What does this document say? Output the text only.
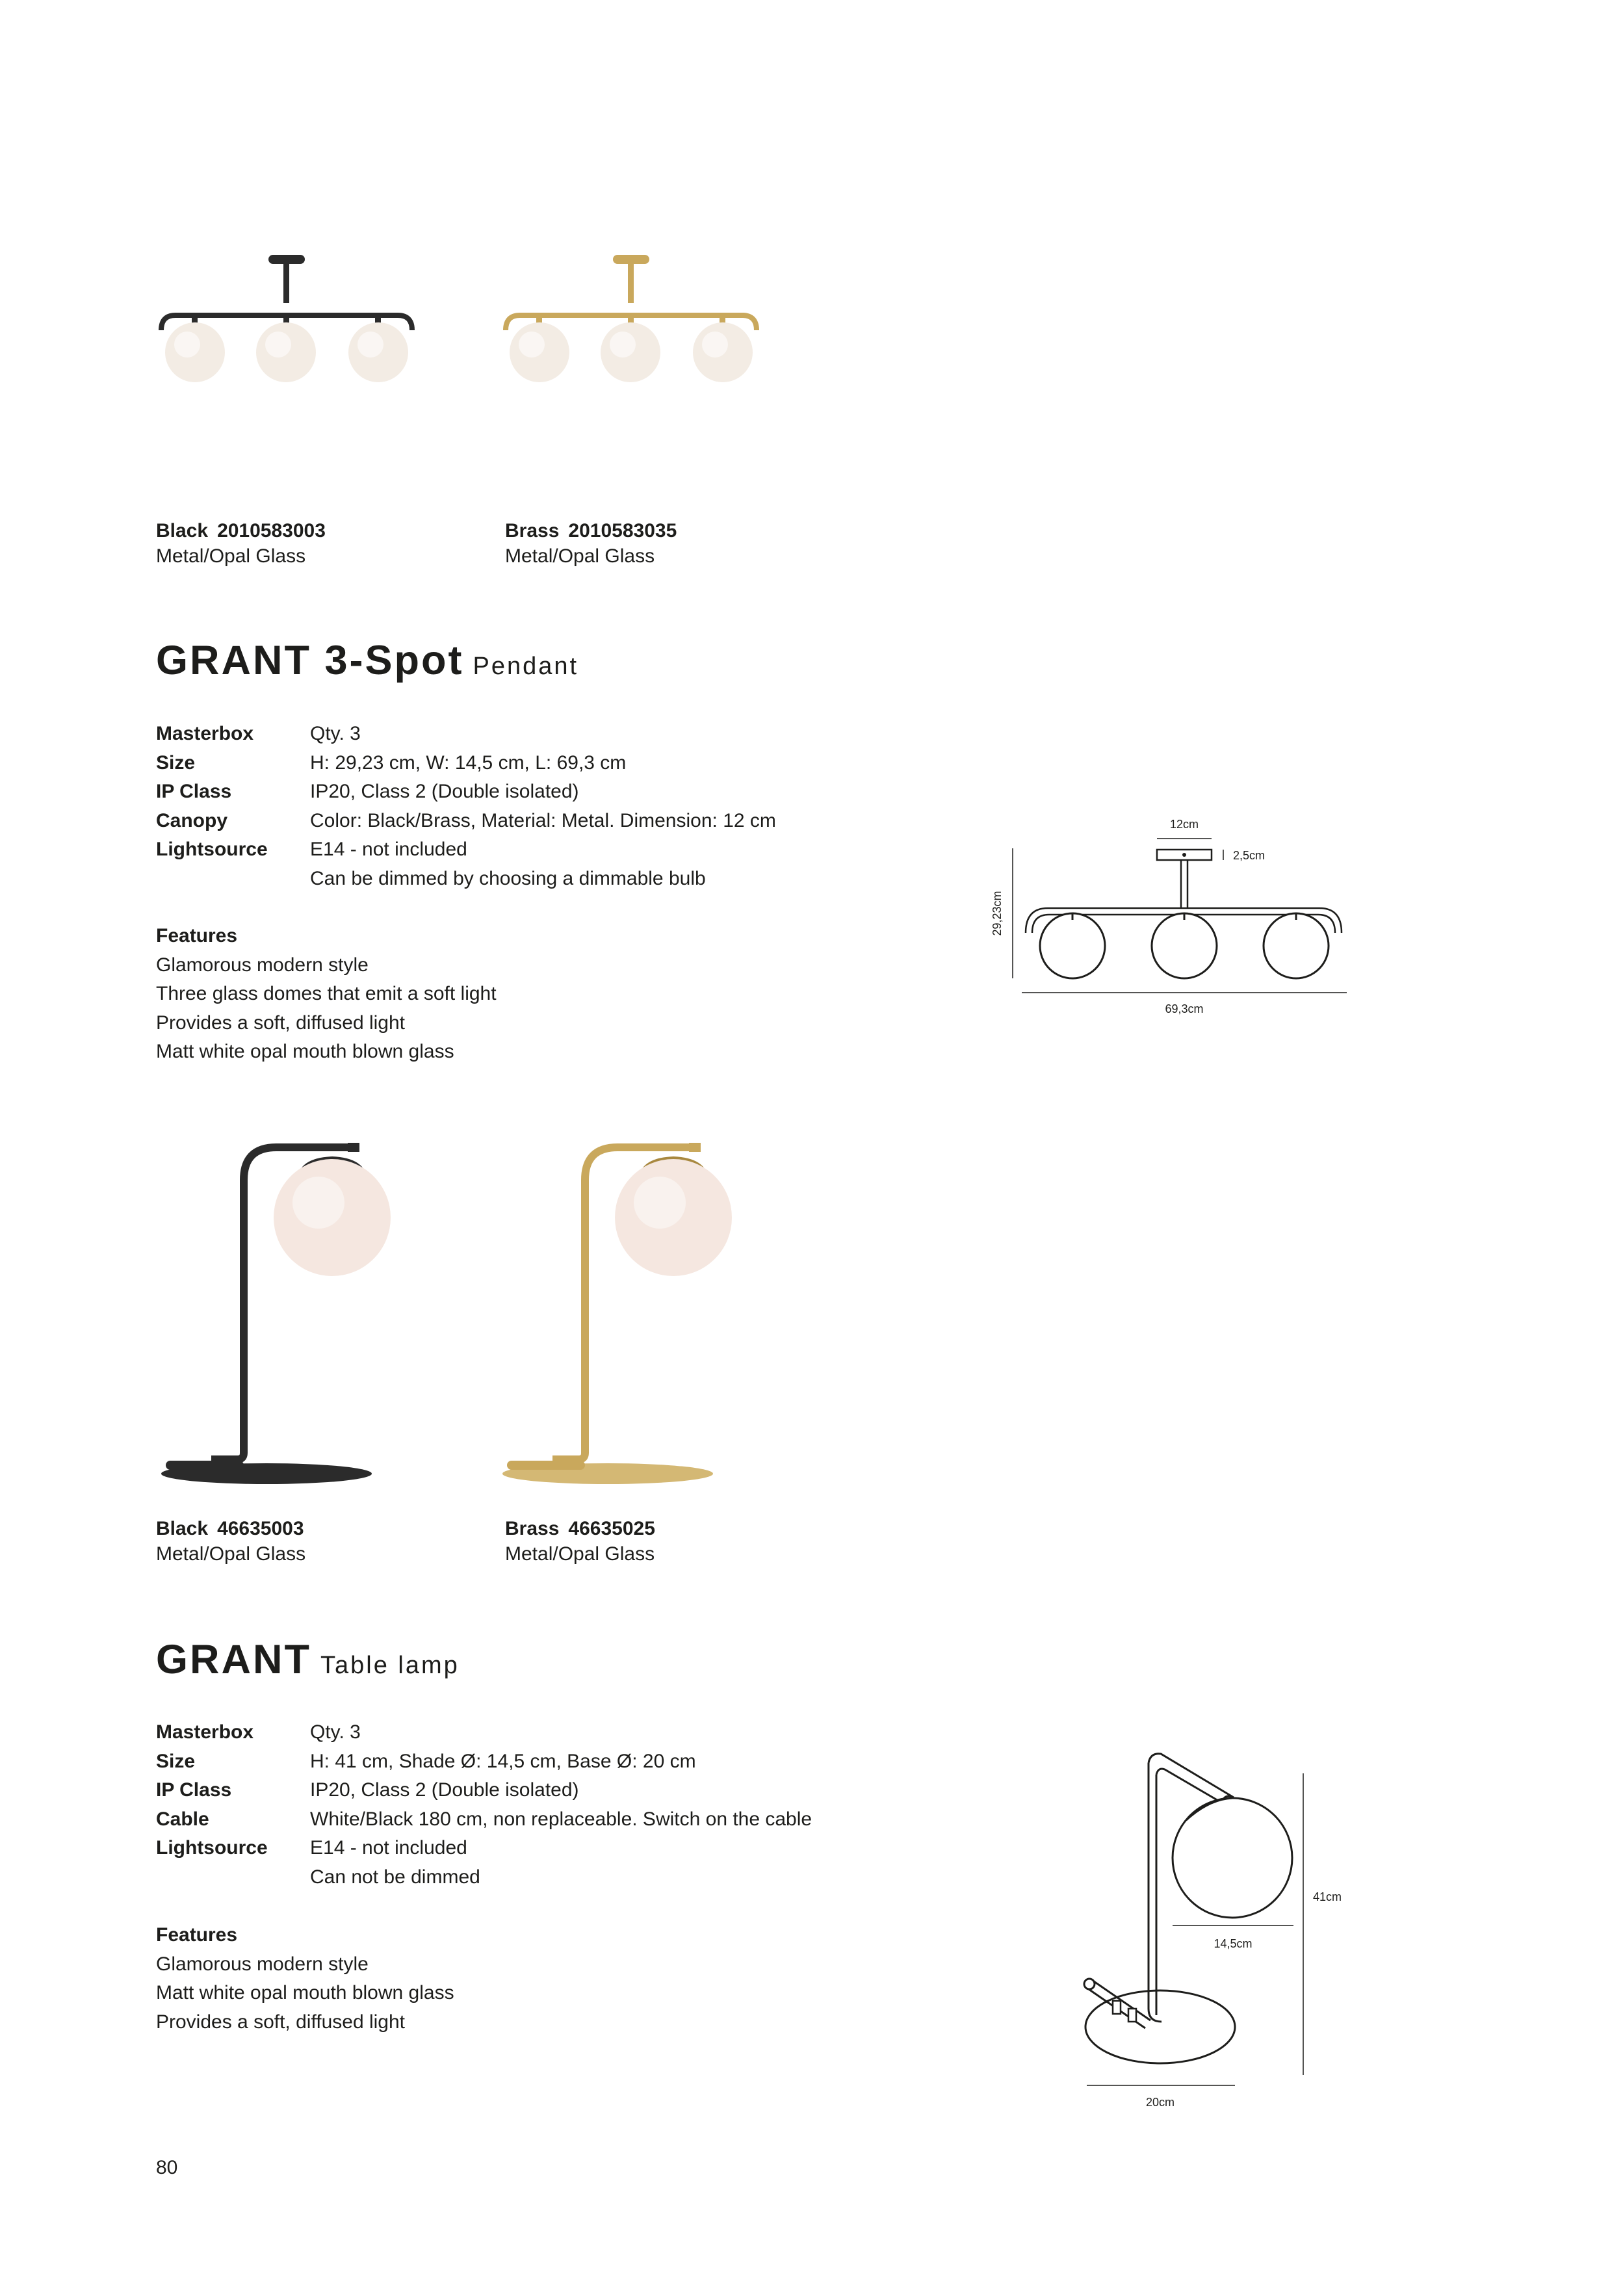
Black 2010583003
Metal/Opal Glass
Brass 2010583035
Metal/Opal Glass
GRANT 3-Spot Pendant
Masterbox	Qty. 3
Size	H: 29,23 cm, W: 14,5 cm, L: 69,3 cm
IP Class	IP20, Class 2 (Double isolated)
Canopy	Color: Black/Brass, Material: Metal. Dimension: 12 cm
Lightsource E14 - not included
Can be dimmed by choosing a dimmable bulb
Features
Glamorous modern style
Three glass domes that emit a soft light
Provides a soft, diffused light
Matt white opal mouth blown glass
12cm
2,5cm
29,23cm
69,3cm
Black 46635003
Metal/Opal Glass
Brass 46635025
Metal/Opal Glass
GRANT Table lamp
Masterbox	Qty. 3
Size	H: 41 cm, Shade Ø: 14,5 cm, Base Ø: 20 cm
IP Class	IP20, Class 2 (Double isolated)
Cable	White/Black 180 cm, non replaceable. Switch on the cable
Lightsource E14 - not included
Can not be dimmed
Features
Glamorous modern style
Matt white opal mouth blown glass
Provides a soft, diffused light
14,5cm
41cm
20cm
80
